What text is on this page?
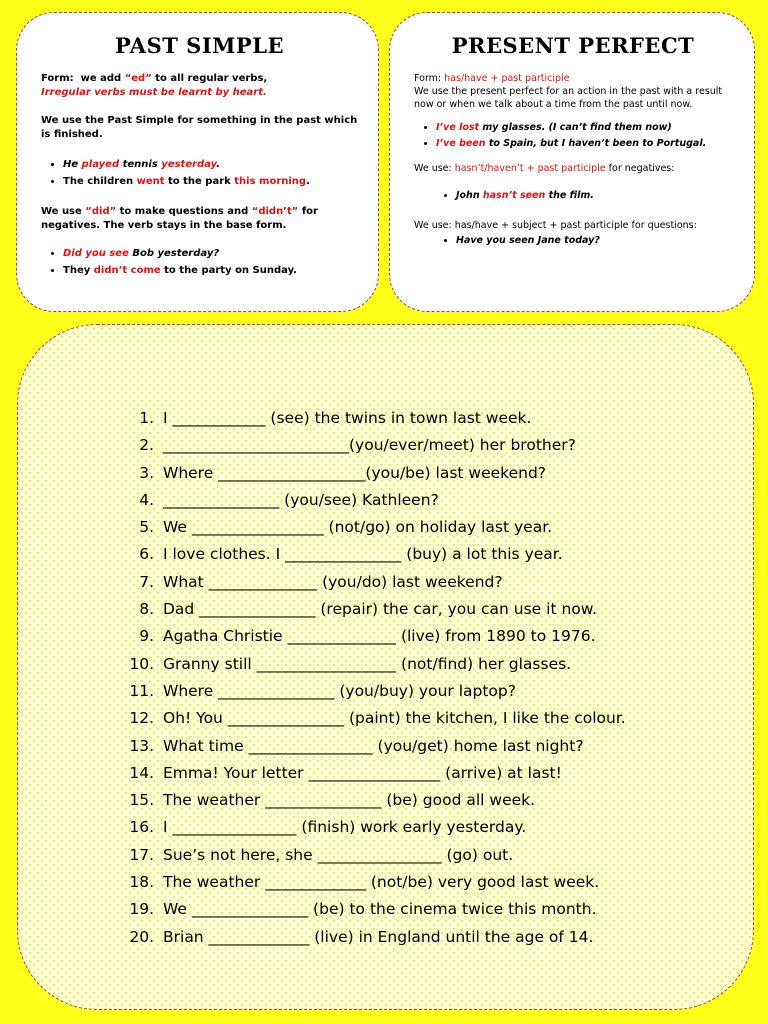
PAST SIMPLE
Form: we add “ed” to all regular verbs,
Irregular verbs must be learnt by heart.
We use the Past Simple for something in the past which is finished.
• He played tennis yesterday.
• The children went to the park this morning.
We use “did” to make questions and “didn’t” for negatives. The verb stays in the base form.
• Did you see Bob yesterday?
• They didn’t come to the party on Sunday.
PRESENT PERFECT
Form: has/have + past participle
We use the present perfect for an action in the past with a result now or when we talk about a time from the past until now.
• I’ve lost my glasses. (I can’t find them now)
• I’ve been to Spain, but I haven’t been to Portugal.
We use: hasn’t/haven’t + past participle for negatives:
• John hasn’t seen the film.
We use: has/have + subject + past participle for questions:
• Have you seen Jane today?
1. I ____________ (see) the twins in town last week.
2. ________________________(you/ever/meet) her brother?
3. Where ___________________(you/be) last weekend?
4. _______________ (you/see) Kathleen?
5. We _________________ (not/go) on holiday last year.
6. I love clothes. I _______________ (buy) a lot this year.
7. What ______________ (you/do) last weekend?
8. Dad _______________ (repair) the car, you can use it now.
9. Agatha Christie ______________ (live) from 1890 to 1976.
10. Granny still __________________ (not/find) her glasses.
11. Where _______________ (you/buy) your laptop?
12. Oh! You _______________ (paint) the kitchen, I like the colour.
13. What time ________________ (you/get) home last night?
14. Emma! Your letter _________________ (arrive) at last!
15. The weather _______________ (be) good all week.
16. I ________________ (finish) work early yesterday.
17. Sue’s not here, she ________________ (go) out.
18. The weather _____________ (not/be) very good last week.
19. We _______________ (be) to the cinema twice this month.
20. Brian _____________ (live) in England until the age of 14.
